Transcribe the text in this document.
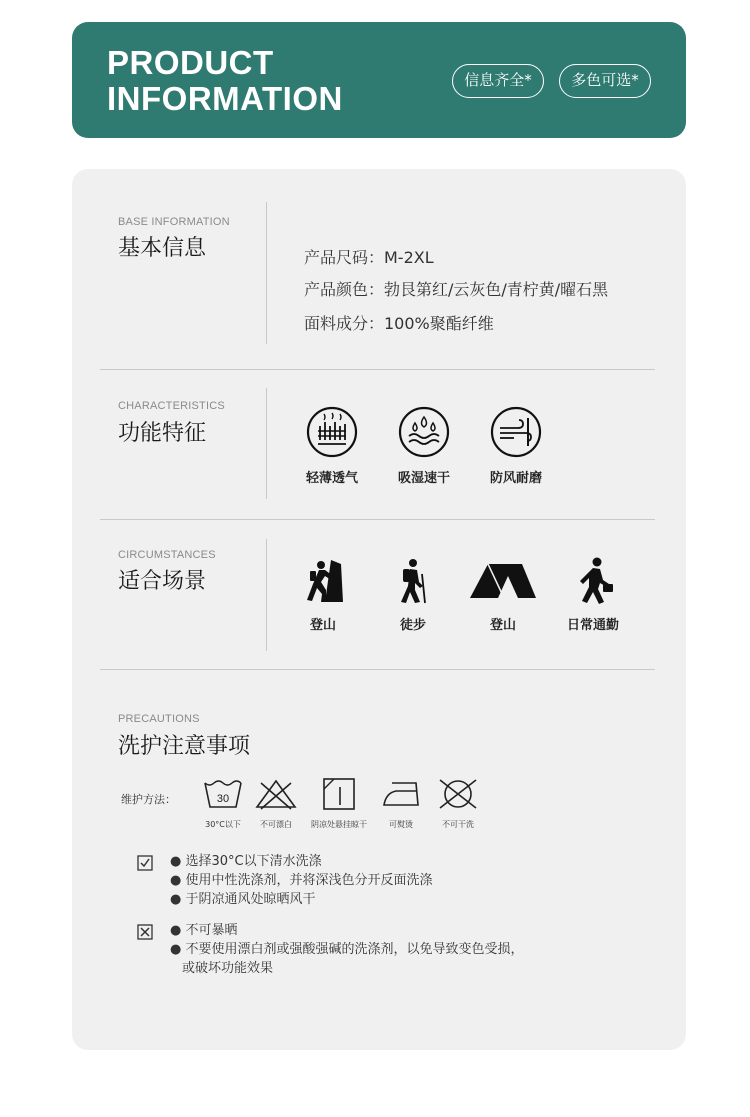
PRODUCT
INFORMATION	信息齐全*	多色可选*
BASE INFORMATION
基本信息	产品尺码：M-2XL
产品颜色：勃艮第红/云灰色/青柠黄/曜石黑
面料成分：100%聚酯纤维
CHARACTERISTICS
功能特征
轻薄透气	吸湿速干	防风耐磨
CIRCUMSTANCES
适合场景
登山	徒步	登山	日常通勤
PRECAUTIONS
洗护注意事项
维护方法：	30
30°C以下	不可漂白	阴凉处悬挂晾干	可熨烫	不可干洗
● 选择30°C以下清水洗涤
● 使用中性洗涤剂，并将深浅色分开反面洗涤
● 于阴凉通风处晾晒风干
● 不可暴晒
● 不要使用漂白剂或强酸强碱的洗涤剂，以免导致变色受损，
或破坏功能效果
